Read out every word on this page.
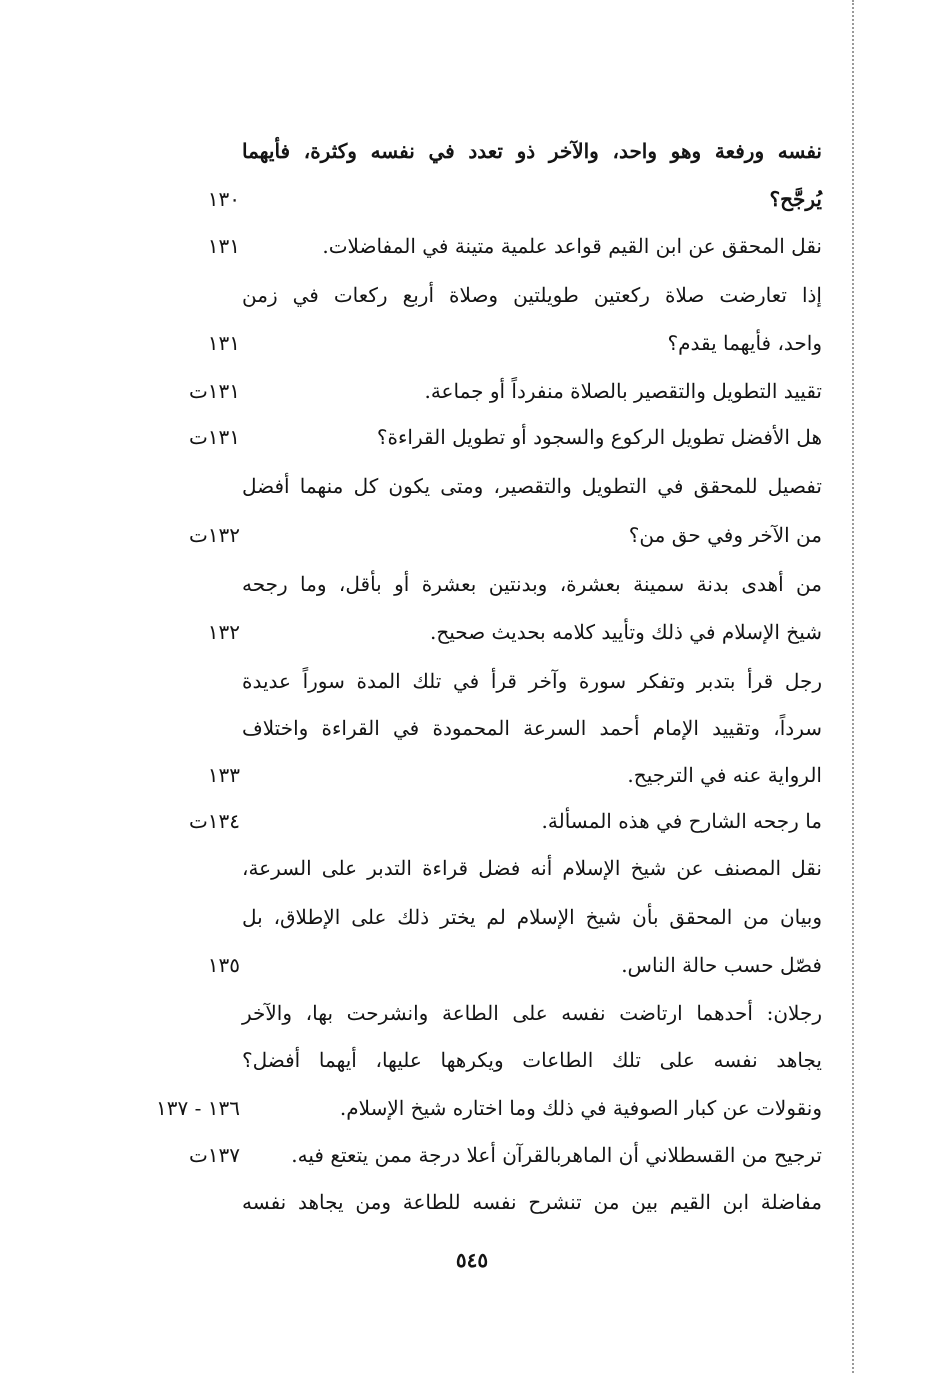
نفسه ورفعة وهو واحد، والآخر ذو تعدد في نفسه وكثرة، فأيهما
يُرجَّح؟
١٣٠
نقل المحقق عن ابن القيم قواعد علمية متينة في المفاضلات.
١٣١
إذا تعارضت صلاة ركعتين طويلتين وصلاة أربع ركعات في زمن
واحد، فأيهما يقدم؟
١٣١
تقييد التطويل والتقصير بالصلاة منفرداً أو جماعة.
١٣١ت
هل الأفضل تطويل الركوع والسجود أو تطويل القراءة؟
١٣١ت
تفصيل للمحقق في التطويل والتقصير، ومتى يكون كل منهما أفضل
من الآخر وفي حق من؟
١٣٢ت
من أهدى بدنة سمينة بعشرة، وبدنتين بعشرة أو بأقل، وما رجحه
شيخ الإسلام في ذلك وتأييد كلامه بحديث صحيح.
١٣٢
رجل قرأ بتدبر وتفكر سورة وآخر قرأ في تلك المدة سوراً عديدة
سرداً، وتقييد الإمام أحمد السرعة المحمودة في القراءة واختلاف
الرواية عنه في الترجيح.
١٣٣
ما رجحه الشارح في هذه المسألة.
١٣٤ت
نقل المصنف عن شيخ الإسلام أنه فضل قراءة التدبر على السرعة،
وبيان من المحقق بأن شيخ الإسلام لم يختر ذلك على الإطلاق، بل
فصّل حسب حالة الناس.
١٣٥
رجلان: أحدهما ارتاضت نفسه على الطاعة وانشرحت بها، والآخر
يجاهد نفسه على تلك الطاعات ويكرهها عليها، أيهما أفضل؟
ونقولات عن كبار الصوفية في ذلك وما اختاره شيخ الإسلام.
١٣٦ - ١٣٧
ترجيح من القسطلاني أن الماهربالقرآن أعلا درجة ممن يتعتع فيه.
١٣٧ت
مفاضلة ابن القيم بين من تنشرح نفسه للطاعة ومن يجاهد نفسه
٥٤٥
